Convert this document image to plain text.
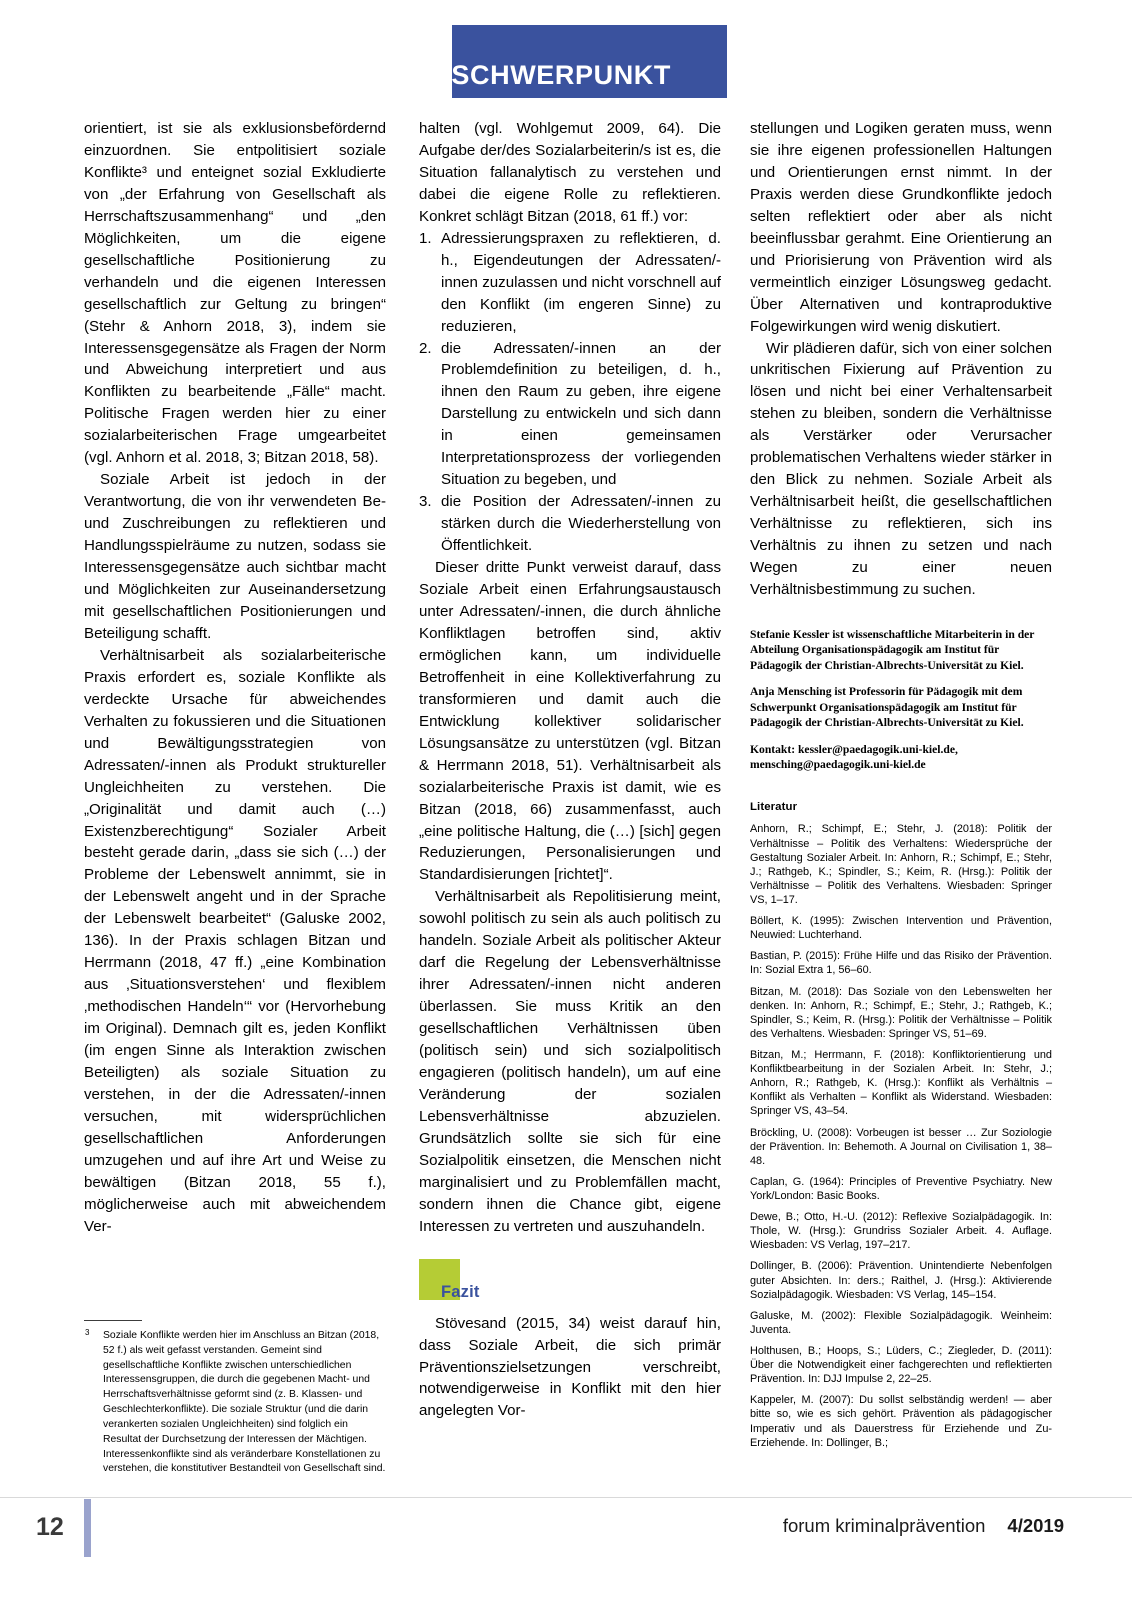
SCHWERPUNKT

orientiert, ist sie als exklusionsbefördernd einzuordnen. Sie entpolitisiert soziale Konflikte³ und enteignet sozial Exkludierte von „der Erfahrung von Gesellschaft als Herrschaftszusammenhang“ und „den Möglichkeiten, um die eigene gesellschaftliche Positionierung zu verhandeln und die eigenen Interessen gesellschaftlich zur Geltung zu bringen“ (Stehr & Anhorn 2018, 3), indem sie Interessensgegensätze als Fragen der Norm und Abweichung interpretiert und aus Konflikten zu bearbeitende „Fälle“ macht. Politische Fragen werden hier zu einer sozialarbeiterischen Frage umgearbeitet (vgl. Anhorn et al. 2018, 3; Bitzan 2018, 58).

Soziale Arbeit ist jedoch in der Verantwortung, die von ihr verwendeten Be- und Zuschreibungen zu reflektieren und Handlungsspielräume zu nutzen, sodass sie Interessensgegensätze auch sichtbar macht und Möglichkeiten zur Auseinandersetzung mit gesellschaftlichen Positionierungen und Beteiligung schafft.

Verhältnisarbeit als sozialarbeiterische Praxis erfordert es, soziale Konflikte als verdeckte Ursache für abweichendes Verhalten zu fokussieren und die Situationen und Bewältigungsstrategien von Adressaten/-innen als Produkt struktureller Ungleichheiten zu verstehen. Die „Originalität und damit auch (…) Existenzberechtigung“ Sozialer Arbeit besteht gerade darin, „dass sie sich (…) der Probleme der Lebenswelt annimmt, sie in der Lebenswelt angeht und in der Sprache der Lebenswelt bearbeitet“ (Galuske 2002, 136). In der Praxis schlagen Bitzan und Herrmann (2018, 47 ff.) „eine Kombination aus ‚Situationsverstehen‘ und flexiblem ‚methodischen Handeln‘“ vor (Hervorhebung im Original). Demnach gilt es, jeden Konflikt (im engen Sinne als Interaktion zwischen Beteiligten) als soziale Situation zu verstehen, in der die Adressaten/-innen versuchen, mit widersprüchlichen gesellschaftlichen Anforderungen umzugehen und auf ihre Art und Weise zu bewältigen (Bitzan 2018, 55 f.), möglicherweise auch mit abweichendem Ver-

3 Soziale Konflikte werden hier im Anschluss an Bitzan (2018, 52 f.) als weit gefasst verstanden. Gemeint sind gesellschaftliche Konflikte zwischen unterschiedlichen Interessensgruppen, die durch die gegebenen Macht- und Herrschaftsverhältnisse geformt sind (z. B. Klassen- und Geschlechterkonflikte). Die soziale Struktur (und die darin verankerten sozialen Ungleichheiten) sind folglich ein Resultat der Durchsetzung der Interessen der Mächtigen. Interessenkonflikte sind als veränderbare Konstellationen zu verstehen, die konstitutiver Bestandteil von Gesellschaft sind.

halten (vgl. Wohlgemut 2009, 64). Die Aufgabe der/des Sozialarbeiterin/s ist es, die Situation fallanalytisch zu verstehen und dabei die eigene Rolle zu reflektieren. Konkret schlägt Bitzan (2018, 61 ff.) vor:

1. Adressierungspraxen zu reflektieren, d. h., Eigendeutungen der Adressaten/-innen zuzulassen und nicht vorschnell auf den Konflikt (im engeren Sinne) zu reduzieren,
2. die Adressaten/-innen an der Problemdefinition zu beteiligen, d. h., ihnen den Raum zu geben, ihre eigene Darstellung zu entwickeln und sich dann in einen gemeinsamen Interpretationsprozess der vorliegenden Situation zu begeben, und
3. die Position der Adressaten/-innen zu stärken durch die Wiederherstellung von Öffentlichkeit.

Dieser dritte Punkt verweist darauf, dass Soziale Arbeit einen Erfahrungsaustausch unter Adressaten/-innen, die durch ähnliche Konfliktlagen betroffen sind, aktiv ermöglichen kann, um individuelle Betroffenheit in eine Kollektiverfahrung zu transformieren und damit auch die Entwicklung kollektiver solidarischer Lösungsansätze zu unterstützen (vgl. Bitzan & Herrmann 2018, 51). Verhältnisarbeit als sozialarbeiterische Praxis ist damit, wie es Bitzan (2018, 66) zusammenfasst, auch „eine politische Haltung, die (…) [sich] gegen Reduzierungen, Personalisierungen und Standardisierungen [richtet]“.

Verhältnisarbeit als Repolitisierung meint, sowohl politisch zu sein als auch politisch zu handeln. Soziale Arbeit als politischer Akteur darf die Regelung der Lebensverhältnisse ihrer Adressaten/-innen nicht anderen überlassen. Sie muss Kritik an den gesellschaftlichen Verhältnissen üben (politisch sein) und sich sozialpolitisch engagieren (politisch handeln), um auf eine Veränderung der sozialen Lebensverhältnisse abzuzielen. Grundsätzlich sollte sie sich für eine Sozialpolitik einsetzen, die Menschen nicht marginalisiert und zu Problemfällen macht, sondern ihnen die Chance gibt, eigene Interessen zu vertreten und auszuhandeln.

Fazit

Stövesand (2015, 34) weist darauf hin, dass Soziale Arbeit, die sich primär Präventionszielsetzungen verschreibt, notwendigerweise in Konflikt mit den hier angelegten Vor-

stellungen und Logiken geraten muss, wenn sie ihre eigenen professionellen Haltungen und Orientierungen ernst nimmt. In der Praxis werden diese Grundkonflikte jedoch selten reflektiert oder aber als nicht beeinflussbar gerahmt. Eine Orientierung an und Priorisierung von Prävention wird als vermeintlich einziger Lösungsweg gedacht. Über Alternativen und kontraproduktive Folgewirkungen wird wenig diskutiert.

Wir plädieren dafür, sich von einer solchen unkritischen Fixierung auf Prävention zu lösen und nicht bei einer Verhaltensarbeit stehen zu bleiben, sondern die Verhältnisse als Verstärker oder Verursacher problematischen Verhaltens wieder stärker in den Blick zu nehmen. Soziale Arbeit als Verhältnisarbeit heißt, die gesellschaftlichen Verhältnisse zu reflektieren, sich ins Verhältnis zu ihnen zu setzen und nach Wegen zu einer neuen Verhältnisbestimmung zu suchen.

Stefanie Kessler ist wissenschaftliche Mitarbeiterin in der Abteilung Organisationspädagogik am Institut für Pädagogik der Christian-Albrechts-Universität zu Kiel.

Anja Mensching ist Professorin für Pädagogik mit dem Schwerpunkt Organisationspädagogik am Institut für Pädagogik der Christian-Albrechts-Universität zu Kiel.

Kontakt: kessler@paedagogik.uni-kiel.de, mensching@paedagogik.uni-kiel.de

Literatur

Anhorn, R.; Schimpf, E.; Stehr, J. (2018): Politik der Verhältnisse – Politik des Verhaltens: Wiedersprüche der Gestaltung Sozialer Arbeit. In: Anhorn, R.; Schimpf, E.; Stehr, J.; Rathgeb, K.; Spindler, S.; Keim, R. (Hrsg.): Politik der Verhältnisse – Politik des Verhaltens. Wiesbaden: Springer VS, 1–17.

Böllert, K. (1995): Zwischen Intervention und Prävention, Neuwied: Luchterhand.

Bastian, P. (2015): Frühe Hilfe und das Risiko der Prävention. In: Sozial Extra 1, 56–60.

Bitzan, M. (2018): Das Soziale von den Lebenswelten her denken. In: Anhorn, R.; Schimpf, E.; Stehr, J.; Rathgeb, K.; Spindler, S.; Keim, R. (Hrsg.): Politik der Verhältnisse – Politik des Verhaltens. Wiesbaden: Springer VS, 51–69.

Bitzan, M.; Herrmann, F. (2018): Konfliktorientierung und Konfliktbearbeitung in der Sozialen Arbeit. In: Stehr, J.; Anhorn, R.; Rathgeb, K. (Hrsg.): Konflikt als Verhältnis – Konflikt als Verhalten – Konflikt als Widerstand. Wiesbaden: Springer VS, 43–54.

Bröckling, U. (2008): Vorbeugen ist besser … Zur Soziologie der Prävention. In: Behemoth. A Journal on Civilisation 1, 38–48.

Caplan, G. (1964): Principles of Preventive Psychiatry. New York/London: Basic Books.

Dewe, B.; Otto, H.-U. (2012): Reflexive Sozialpädagogik. In: Thole, W. (Hrsg.): Grundriss Sozialer Arbeit. 4. Auflage. Wiesbaden: VS Verlag, 197–217.

Dollinger, B. (2006): Prävention. Unintendierte Nebenfolgen guter Absichten. In: ders.; Raithel, J. (Hrsg.): Aktivierende Sozialpädagogik. Wiesbaden: VS Verlag, 145–154.

Galuske, M. (2002): Flexible Sozialpädagogik. Weinheim: Juventa.

Holthusen, B.; Hoops, S.; Lüders, C.; Ziegleder, D. (2011): Über die Notwendigkeit einer fachgerechten und reflektierten Prävention. In: DJJ Impulse 2, 22–25.

Kappeler, M. (2007): Du sollst selbständig werden! — aber bitte so, wie es sich gehört. Prävention als pädagogischer Imperativ und als Dauerstress für Erziehende und Zu-Erziehende. In: Dollinger, B.;

12	forum kriminalprävention 4/2019
